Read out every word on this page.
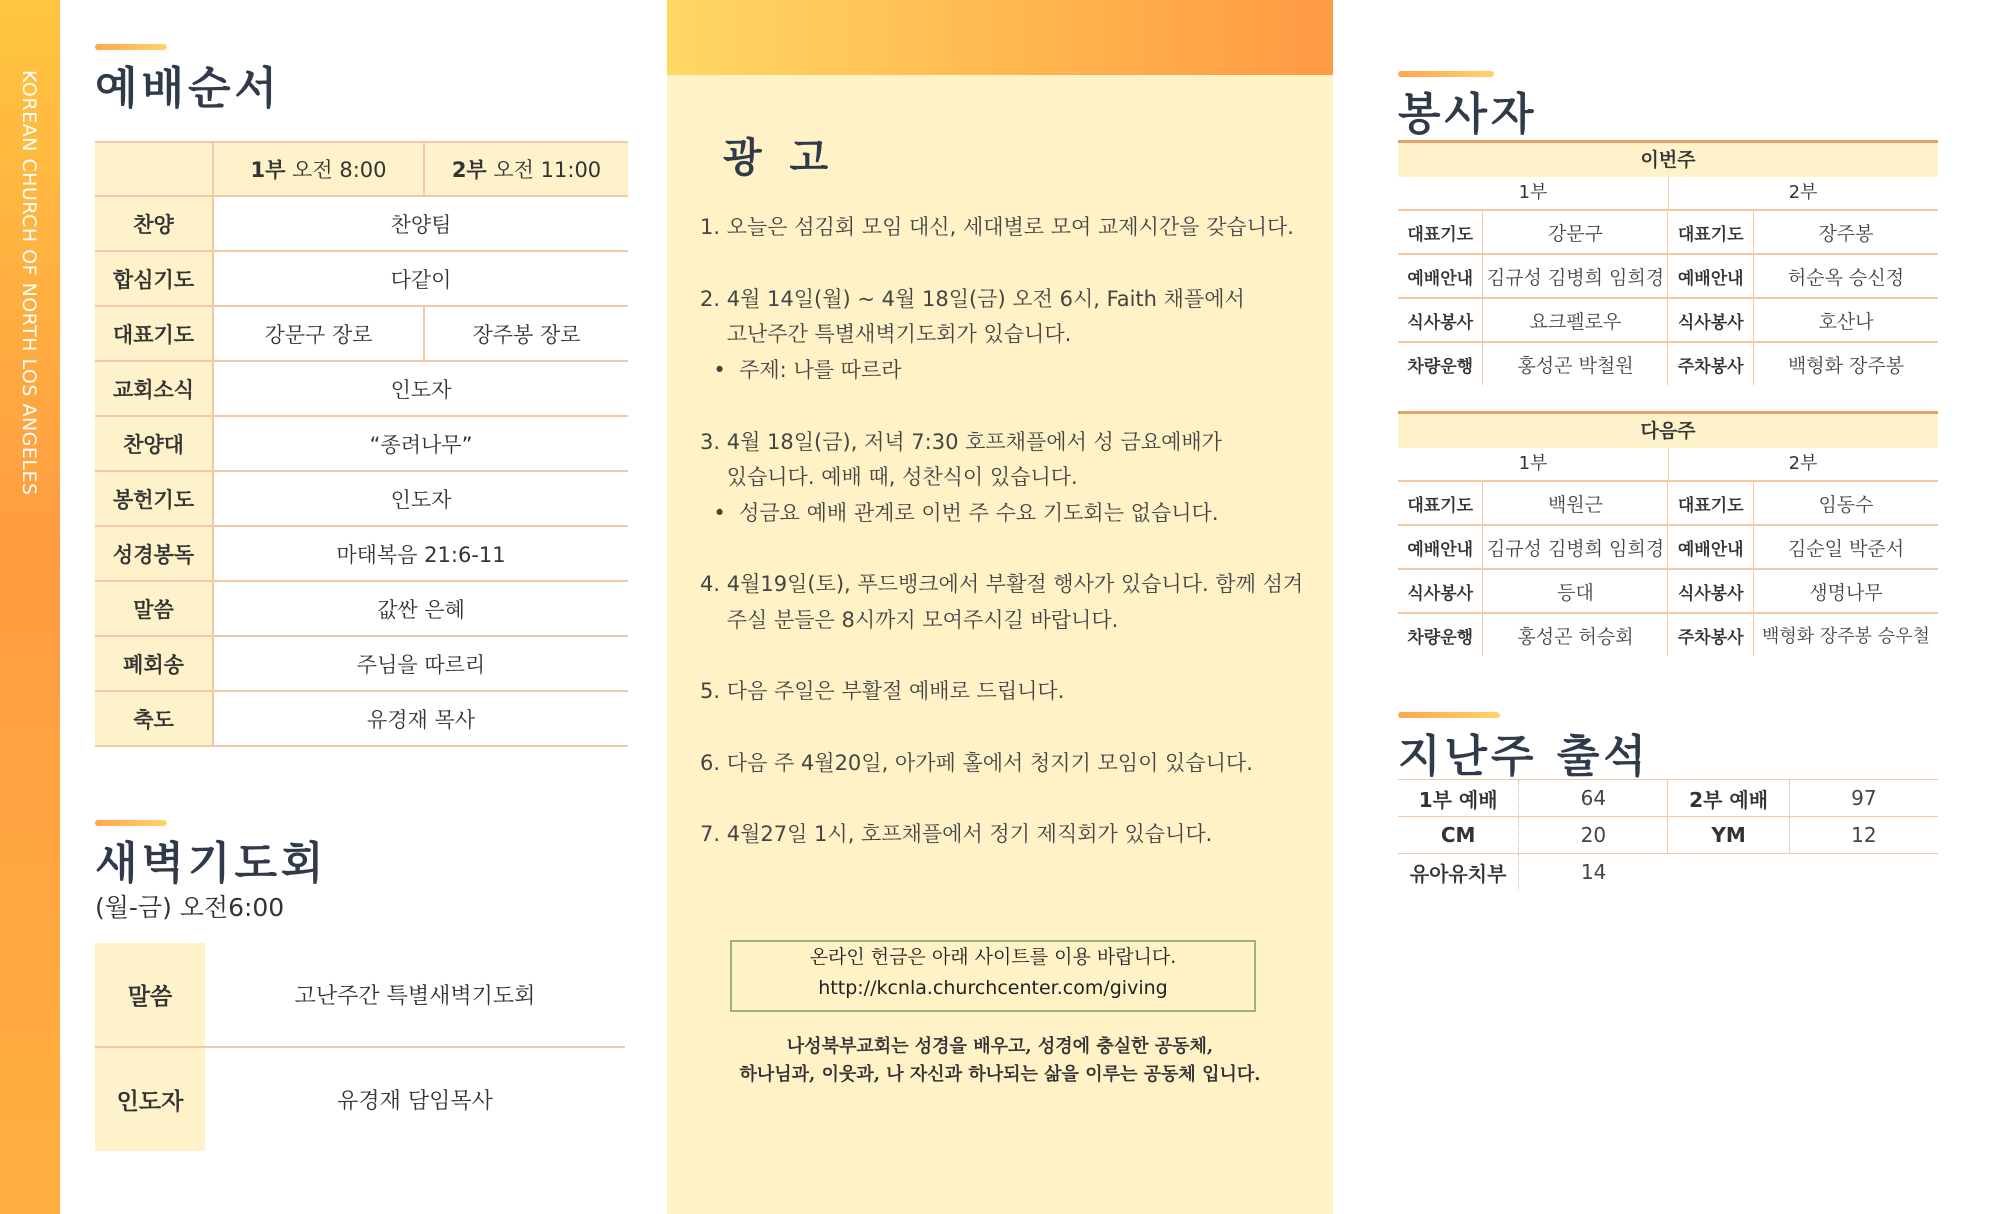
KOREAN CHURCH OF NORTH LOS ANGELES 예배순서
	1부 오전 8:00	2부 오전 11:00
찬양	찬양팀	
합심기도	다같이	
대표기도	강문구 장로	장주봉 장로
교회소식	인도자	
찬양대	“종려나무”	
봉헌기도	인도자	
성경봉독	마태복음 21:6-11	
말씀	값싼 은혜	
폐회송	주님을 따르리	
축도	유경재 목사	
새벽기도회
(월-금) 오전6:00
말씀	고난주간 특별새벽기도회
인도자	유경재 담임목사
광  고
1. 오늘은 섬김회 모임 대신, 세대별로 모여 교제시간을 갖습니다.
2. 4월 14일(월) ~ 4월 18일(금) 오전 6시, Faith 채플에서
고난주간 특별새벽기도회가 있습니다.
•  주제: 나를 따르라
3. 4월 18일(금), 저녁 7:30 호프채플에서 성 금요예배가
있습니다. 예배 때, 성찬식이 있습니다.
•  성금요 예배 관계로 이번 주 수요 기도회는 없습니다.
4. 4월19일(토), 푸드뱅크에서 부활절 행사가 있습니다. 함께 섬겨
주실 분들은 8시까지 모여주시길 바랍니다.
5. 다음 주일은 부활절 예배로 드립니다.
6. 다음 주 4월20일, 아가페 홀에서 청지기 모임이 있습니다.
7. 4월27일 1시, 호프채플에서 정기 제직회가 있습니다.
온라인 헌금은 아래 사이트를 이용 바랍니다.
http://kcnla.churchcenter.com/giving
나성북부교회는 성경을 배우고, 성경에 충실한 공동체,
하나님과, 이웃과, 나 자신과 하나되는 삶을 이루는 공동체 입니다.
봉사자
이번주
1부	2부
대표기도	강문구	대표기도	장주봉
예배안내	김규성 김병희 임희경	예배안내	허순옥 승신정
식사봉사	요크펠로우	식사봉사	호산나
차량운행	홍성곤 박철원	주차봉사	백형화 장주봉
다음주
1부	2부
대표기도	백원근	대표기도	임동수
예배안내	김규성 김병희 임희경	예배안내	김순일 박준서
식사봉사	등대	식사봉사	생명나무
차량운행	홍성곤 허승회	주차봉사	백형화 장주봉 승우철
지난주 출석
1부 예배	64	2부 예배	97
CM	20	YM	12
유아유치부	14		
